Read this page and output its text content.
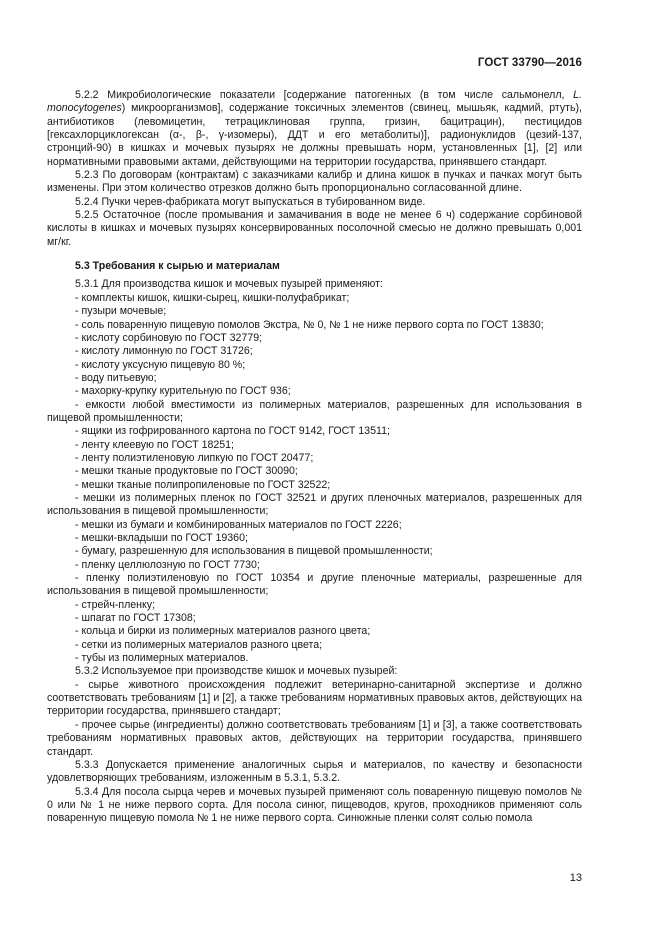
ГОСТ 33790—2016

5.2.2 Микробиологические показатели [содержание патогенных (в том числе сальмонелл, L. monocytogenes) микроорганизмов], содержание токсичных элементов (свинец, мышьяк, кадмий, ртуть), антибиотиков (левомицетин, тетрациклиновая группа, гризин, бацитрацин), пестицидов [гексахлорциклогексан (α-, β-, γ-изомеры), ДДТ и его метаболиты)], радионуклидов (цезий-137, стронций-90) в кишках и мочевых пузырях не должны превышать норм, установленных [1], [2] или нормативными правовыми актами, действующими на территории государства, принявшего стандарт.

5.2.3 По договорам (контрактам) с заказчиками калибр и длина кишок в пучках и пачках могут быть изменены. При этом количество отрезков должно быть пропорционально согласованной длине.

5.2.4 Пучки черев-фабриката могут выпускаться в тубированном виде.

5.2.5 Остаточное (после промывания и замачивания в воде не менее 6 ч) содержание сорбиновой кислоты в кишках и мочевых пузырях консервированных посолочной смесью не должно превышать 0,001 мг/кг.

5.3 Требования к сырью и материалам

5.3.1 Для производства кишок и мочевых пузырей применяют:

- комплекты кишок, кишки-сырец, кишки-полуфабрикат;

- пузыри мочевые;

- соль поваренную пищевую помолов Экстра, № 0, № 1 не ниже первого сорта по ГОСТ 13830;

- кислоту сорбиновую по ГОСТ 32779;

- кислоту лимонную по ГОСТ 31726;

- кислоту уксусную пищевую 80 %;

- воду питьевую;

- махорку-крупку курительную по ГОСТ 936;

- емкости любой вместимости из полимерных материалов, разрешенных для использования в пищевой промышленности;

- ящики из гофрированного картона по ГОСТ 9142, ГОСТ 13511;

- ленту клеевую по ГОСТ 18251;

- ленту полиэтиленовую липкую по ГОСТ 20477;

- мешки тканые продуктовые по ГОСТ 30090;

- мешки тканые полипропиленовые по ГОСТ 32522;

- мешки из полимерных пленок по ГОСТ 32521 и других пленочных материалов, разрешенных для использования в пищевой промышленности;

- мешки из бумаги и комбинированных материалов по ГОСТ 2226;

- мешки-вкладыши по ГОСТ 19360;

- бумагу, разрешенную для использования в пищевой промышленности;

- пленку целлюлозную по ГОСТ 7730;

- пленку полиэтиленовую по ГОСТ 10354 и другие пленочные материалы, разрешенные для использования в пищевой промышленности;

- стрейч-пленку;

- шпагат по ГОСТ 17308;

- кольца и бирки из полимерных материалов разного цвета;

- сетки из полимерных материалов разного цвета;

- тубы из полимерных материалов.

5.3.2 Используемое при производстве кишок и мочевых пузырей:

- сырье животного происхождения подлежит ветеринарно-санитарной экспертизе и должно соответствовать требованиям [1] и [2], а также требованиям нормативных правовых актов, действующих на территории государства, принявшего стандарт;

- прочее сырье (ингредиенты) должно соответствовать требованиям [1] и [3], а также соответствовать требованиям нормативных правовых актов, действующих на территории государства, принявшего стандарт.

5.3.3 Допускается применение аналогичных сырья и материалов, по качеству и безопасности удовлетворяющих требованиям, изложенным в 5.3.1, 5.3.2.

5.3.4 Для посола сырца черев и мочевых пузырей применяют соль поваренную пищевую помолов № 0 или № 1 не ниже первого сорта. Для посола синюг, пищеводов, кругов, проходников применяют соль поваренную пищевую помола № 1 не ниже первого сорта. Синюжные пленки солят солью помола

13
